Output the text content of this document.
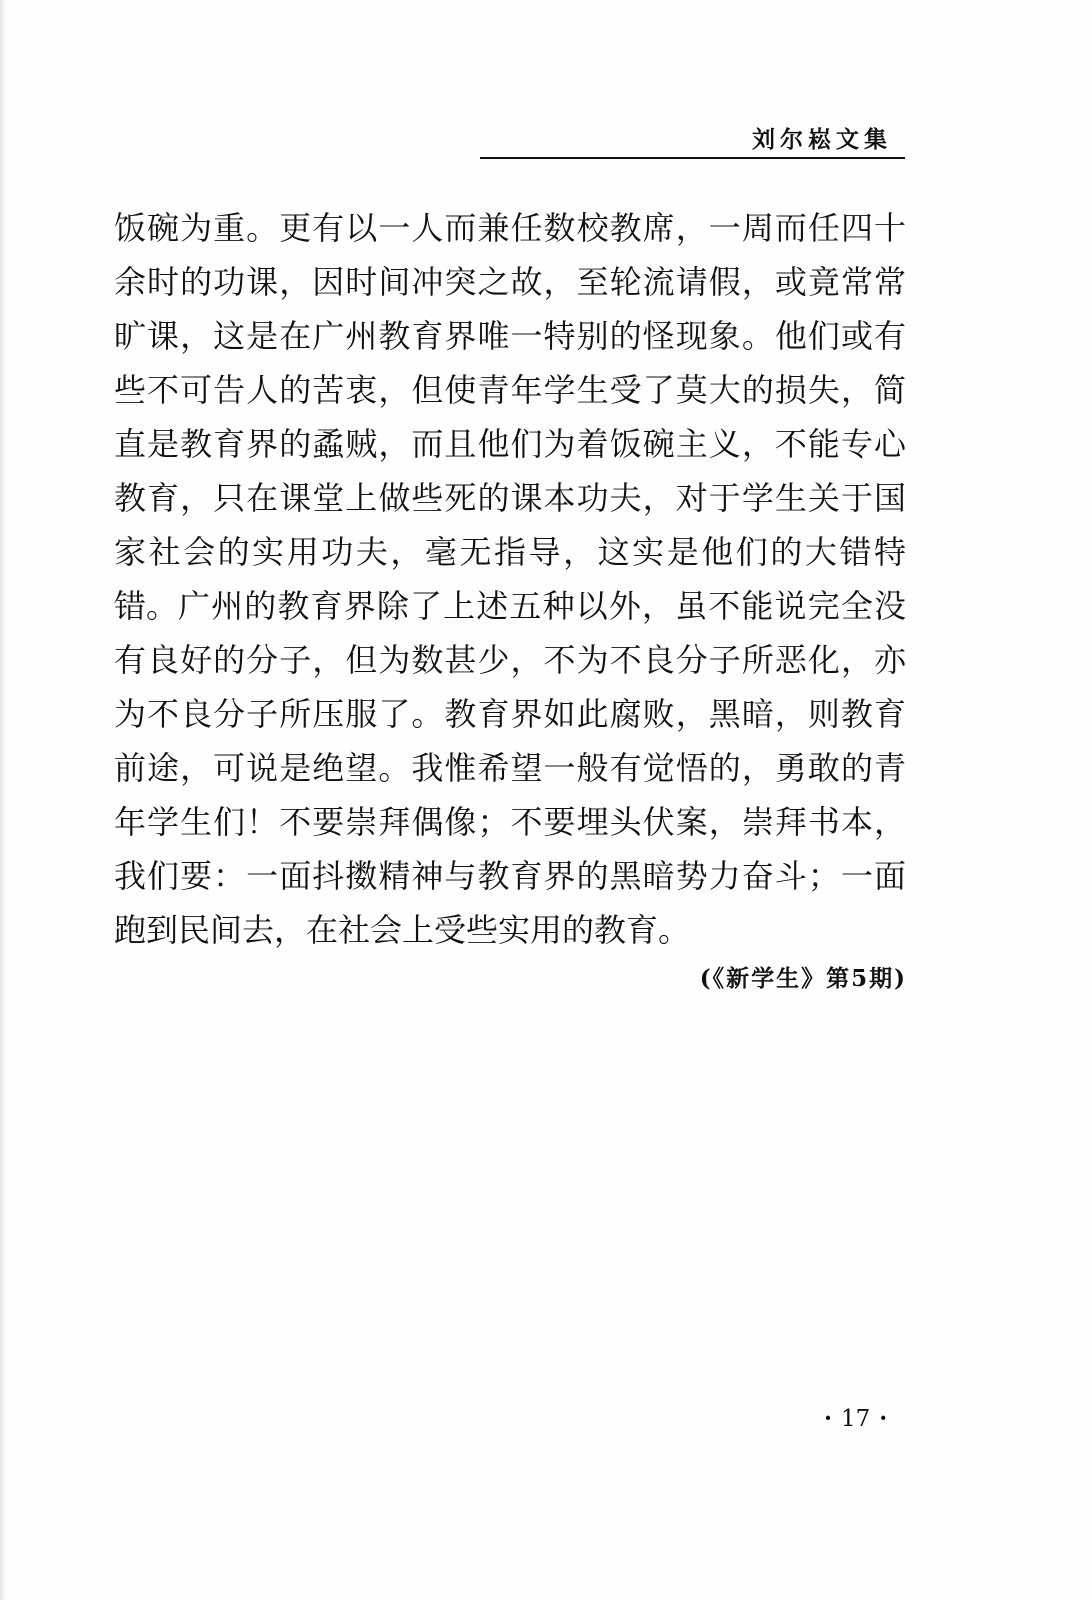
刘尔崧文集

饭碗为重。更有以一人而兼任数校教席，一周而任四十余时的功课，因时间冲突之故，至轮流请假，或竟常常旷课，这是在广州教育界唯一特别的怪现象。他们或有些不可告人的苦衷，但使青年学生受了莫大的损失，简直是教育界的蟊贼，而且他们为着饭碗主义，不能专心教育，只在课堂上做些死的课本功夫，对于学生关于国家社会的实用功夫，毫无指导，这实是他们的大错特错。 广州的教育界除了上述五种以外，虽不能说完全没有良好的分子，但为数甚少，不为不良分子所恶化，亦为不良分子所压服了。教育界如此腐败，黑暗，则教育前途，可说是绝望。我惟希望一般有觉悟的，勇敢的青年学生们！不要崇拜偶像；不要埋头伏案，崇拜书本，我们要：一面抖擞精神与教育界的黑暗势力奋斗；一面跑到民间去，在社会上受些实用的教育。

(《新学生》第5期)
· 17 ·
